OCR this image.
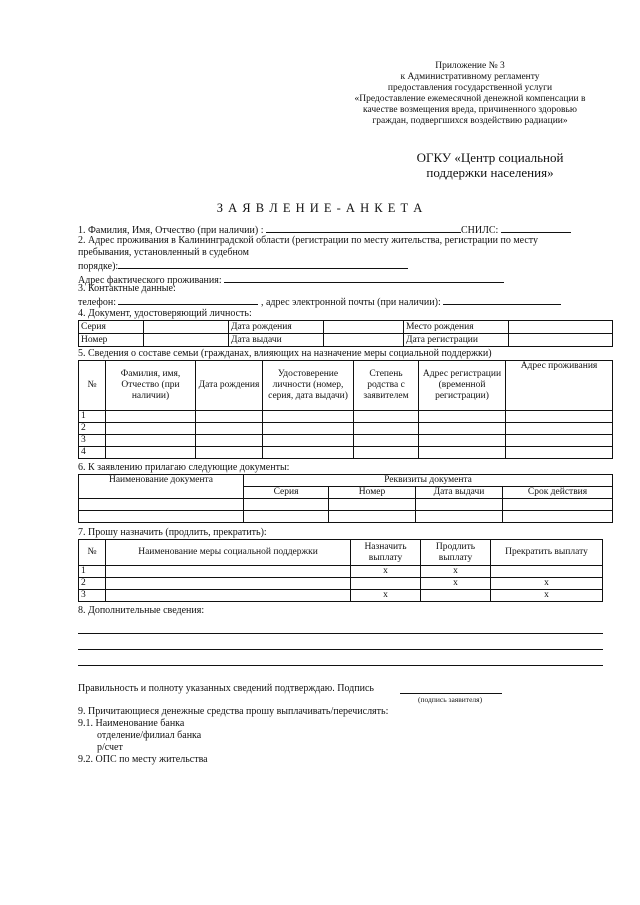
Приложение № 3
к Административному регламенту
предоставления государственной услуги
«Предоставление ежемесячной денежной компенсации в
качестве возмещения вреда, причиненного здоровью
граждан, подвергшихся воздействию радиации»
ОГКУ «Центр социальной
поддержки населения»
З А Я В Л Е Н И Е - А Н К Е Т А
1. Фамилия, Имя, Отчество (при наличии) :	СНИЛС:
2. Адрес проживания в Калининградской области (регистрации по месту жительства, регистрации по месту
пребывания, установленный в судебном
порядке):
Адрес фактического проживания:
3. Контактные данные:
телефон:	, адрес электронной почты (при наличии):
4. Документ, удостоверяющий личность:
Серия		Дата рождения		Место рождения	
Номер		Дата выдачи		Дата регистрации	
5. Сведения о составе семьи (гражданах, влияющих на назначение меры социальной поддержки)
№	Фамилия, имя, Отчество (при наличии)	Дата рождения	Удостоверение личности (номер, серия, дата выдачи)	Степень родства с заявителем	Адрес регистрации (временной регистрации)	Адрес проживания
1						
2						
3						
4						
6. К заявлению прилагаю следующие документы:
Наименование документа	Реквизиты документа			
	Серия	Номер	Дата выдачи	Срок действия

7. Прошу назначить (продлить, прекратить):
№	Наименование меры социальной поддержки	Назначить выплату	Продлить выплату	Прекратить выплату
1		x	x	
2			x	x
3		x		x
8. Дополнительные сведения:
Правильность и полноту указанных сведений подтверждаю. Подпись
(подпись заявителя)
9. Причитающиеся денежные средства прошу выплачивать/перечислять:
9.1. Наименование банка
отделение/филиал банка
р/счет
9.2. ОПС по месту жительства
